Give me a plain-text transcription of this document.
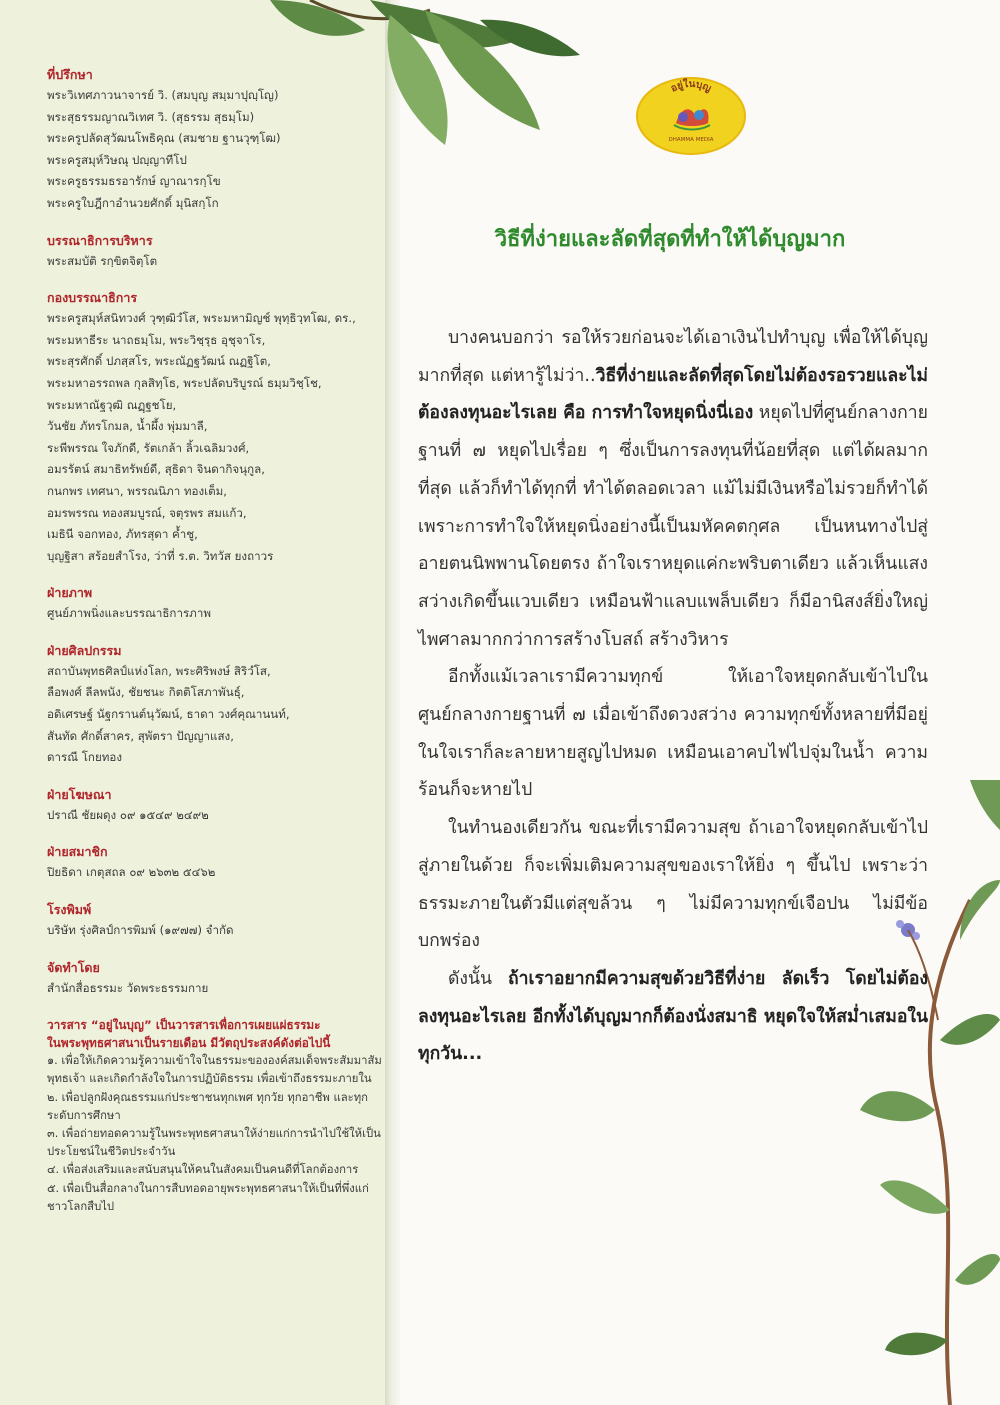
ที่ปรึกษา
พระวิเทศภาวนาจารย์ วิ. (สมบุญ สมฺมาปุญฺโญ)
พระสุธรรมญาณวิเทศ วิ. (สุธรรม สุธมฺโม)
พระครูปลัดสุวัฒนโพธิคุณ (สมชาย ฐานวุฑฺโฒ)
พระครูสมุห์วิษณุ ปญฺญาทีโป
พระครูธรรมธรอารักษ์ ญาณารกฺโข
พระครูใบฎีกาอำนวยศักดิ์ มุนิสกฺโก
บรรณาธิการบริหาร
พระสมบัติ รกฺขิตจิตฺโต
กองบรรณาธิการ
พระครูสมุห์สนิทวงศ์ วุฑฺฒิวํโส, พระมหามิญช์ พุทฺธิวฺทโฒ, ดร.,
พระมหาธีระ นาถธมฺโม, พระวิชฺรุธ อุชุจาโร,
พระสุรศักดิ์ ปภสฺสโร, พระณัฏฐวัฒน์ ณฏฐิโต,
พระมหาอรรถพล กุลสิทฺโธ, พระปลัดบริบูรณ์ ธมฺมวิชฺโช,
พระมหาณัฐวุฒิ ณฏฺฐชโย,
วันชัย ภัทรโกมล, น้ำผึ้ง พุ่มมาลี,
ระพีพรรณ ใจภักดี, รัตเกล้า ลิ้วเฉลิมวงศ์,
อมรรัตน์ สมาธิทรัพย์ดี, สุธิดา จินดากิจนุกูล,
กนกพร เทศนา, พรรณนิภา ทองเต็ม,
อมรพรรณ ทองสมบูรณ์, จตุรพร สมแก้ว,
เมธินี จอกทอง, ภัทรสุดา ค้ำชู,
บุญฐิสา สร้อยสำโรง, ว่าที่ ร.ต. วิทวัส ยงถาวร
ฝ่ายภาพ
ศูนย์ภาพนิ่งและบรรณาธิการภาพ
ฝ่ายศิลปกรรม
สถาบันพุทธศิลป์แห่งโลก, พระศิริพงษ์ สิริวํโส,
ลือพงศ์ ลีลพนัง, ชัยชนะ กิตติโสภาพันธุ์,
อดิเศรษฐ์ นัฐกรานต์นุวัฒน์, ธาดา วงศ์คุณานนท์,
สันทัด ศักดิ์สาคร, สุพัตรา ปัญญาแสง,
ดารณี โกยทอง
ฝ่ายโฆษณา
ปราณี ชัยผดุง ๐๙ ๑๕๔๙ ๒๔๙๒
ฝ่ายสมาชิก
ปิยธิดา เกตุสถล ๐๙ ๒๖๓๒ ๕๔๖๒
โรงพิมพ์
บริษัท รุ่งศิลป์การพิมพ์ (๑๙๗๗) จำกัด
จัดทำโดย
สำนักสื่อธรรมะ วัดพระธรรมกาย
วารสาร “อยู่ในบุญ” เป็นวารสารเพื่อการเผยแผ่ธรรมะ
ในพระพุทธศาสนาเป็นรายเดือน มีวัตถุประสงค์ดังต่อไปนี้
๑. เพื่อให้เกิดความรู้ความเข้าใจในธรรมะขององค์สมเด็จพระสัมมาสัมพุทธเจ้า และเกิดกำลังใจในการปฏิบัติธรรม เพื่อเข้าถึงธรรมะภายใน
๒. เพื่อปลูกฝังคุณธรรมแก่ประชาชนทุกเพศ ทุกวัย ทุกอาชีพ และทุกระดับการศึกษา
๓. เพื่อถ่ายทอดความรู้ในพระพุทธศาสนาให้ง่ายแก่การนำไปใช้ให้เป็นประโยชน์ในชีวิตประจำวัน
๔. เพื่อส่งเสริมและสนับสนุนให้คนในสังคมเป็นคนดีที่โลกต้องการ
๕. เพื่อเป็นสื่อกลางในการสืบทอดอายุพระพุทธศาสนาให้เป็นที่พึ่งแก่ชาวโลกสืบไป
อยู่ในบุญ
DHAMMA MEDIA
วิธีที่ง่ายและลัดที่สุดที่ทำให้ได้บุญมาก

บางคนบอกว่า รอให้รวยก่อนจะได้เอาเงินไปทำบุญ เพื่อให้ได้บุญมากที่สุด แต่หารู้ไม่ว่า..วิธีที่ง่ายและลัดที่สุดโดยไม่ต้องรอรวยและไม่ต้องลงทุนอะไรเลย คือ การทำใจหยุดนิ่งนี่เอง หยุดไปที่ศูนย์กลางกายฐานที่ ๗ หยุดไปเรื่อย ๆ ซึ่งเป็นการลงทุนที่น้อยที่สุด แต่ได้ผลมากที่สุด แล้วก็ทำได้ทุกที่ ทำได้ตลอดเวลา แม้ไม่มีเงินหรือไม่รวยก็ทำได้ เพราะการทำใจให้หยุดนิ่งอย่างนี้เป็นมหัคคตกุศล เป็นหนทางไปสู่อายตนนิพพานโดยตรง ถ้าใจเราหยุดแค่กะพริบตาเดียว แล้วเห็นแสงสว่างเกิดขึ้นแวบเดียว เหมือนฟ้าแลบแพล็บเดียว ก็มีอานิสงส์ยิ่งใหญ่ไพศาลมากกว่าการสร้างโบสถ์ สร้างวิหาร

อีกทั้งแม้เวลาเรามีความทุกข์ ให้เอาใจหยุดกลับเข้าไปในศูนย์กลางกายฐานที่ ๗ เมื่อเข้าถึงดวงสว่าง ความทุกข์ทั้งหลายที่มีอยู่ในใจเราก็ละลายหายสูญไปหมด เหมือนเอาคบไฟไปจุ่มในน้ำ ความร้อนก็จะหายไป

ในทำนองเดียวกัน ขณะที่เรามีความสุข ถ้าเอาใจหยุดกลับเข้าไปสู่ภายในด้วย ก็จะเพิ่มเติมความสุขของเราให้ยิ่ง ๆ ขึ้นไป เพราะว่าธรรมะภายในตัวมีแต่สุขล้วน ๆ ไม่มีความทุกข์เจือปน ไม่มีข้อบกพร่อง

ดังนั้น ถ้าเราอยากมีความสุขด้วยวิธีที่ง่าย ลัดเร็ว โดยไม่ต้องลงทุนอะไรเลย อีกทั้งได้บุญมากก็ต้องนั่งสมาธิ หยุดใจให้สม่ำเสมอในทุกวัน...
